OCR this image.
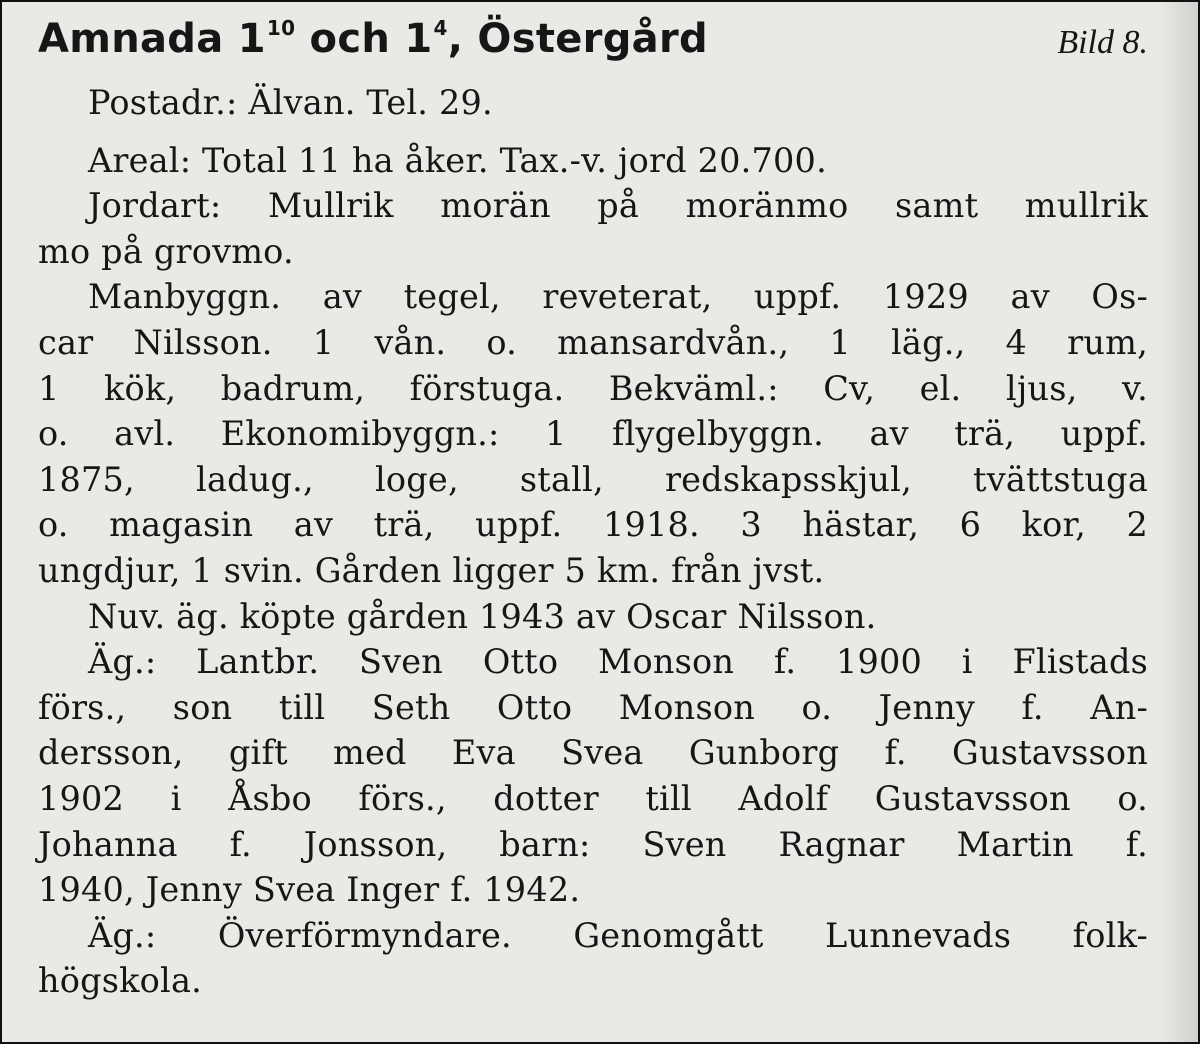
Amnada $1^{10}$ och $1^4$, Östergård	Bild 8.
Postadr.: Älvan. Tel. 29.
Areal: Total 11 ha åker. Tax.-v. jord 20.700.
Jordart: Mullrik morän på moränmo samt mullrik
mo på grovmo.
Manbyggn. av tegel, reveterat, uppf. 1929 av Os-
car Nilsson. 1 vån. o. mansardvån., 1 läg., 4 rum,
1 kök, badrum, förstuga. Bekväml.: Cv, el. ljus, v.
o. avl. Ekonomibyggn.: 1 flygelbyggn. av trä, uppf.
1875, ladug., loge, stall, redskapsskjul, tvättstuga
o. magasin av trä, uppf. 1918. 3 hästar, 6 kor, 2
ungdjur, 1 svin. Gården ligger 5 km. från jvst.
Nuv. äg. köpte gården 1943 av Oscar Nilsson.
Äg.: Lantbr. Sven Otto Monson f. 1900 i Flistads
förs., son till Seth Otto Monson o. Jenny f. An-
dersson, gift med Eva Svea Gunborg f. Gustavsson
1902 i Åsbo förs., dotter till Adolf Gustavsson o.
Johanna f. Jonsson, barn: Sven Ragnar Martin f.
1940, Jenny Svea Inger f. 1942.
Äg.: Överförmyndare. Genomgått Lunnevads folk-
högskola.
